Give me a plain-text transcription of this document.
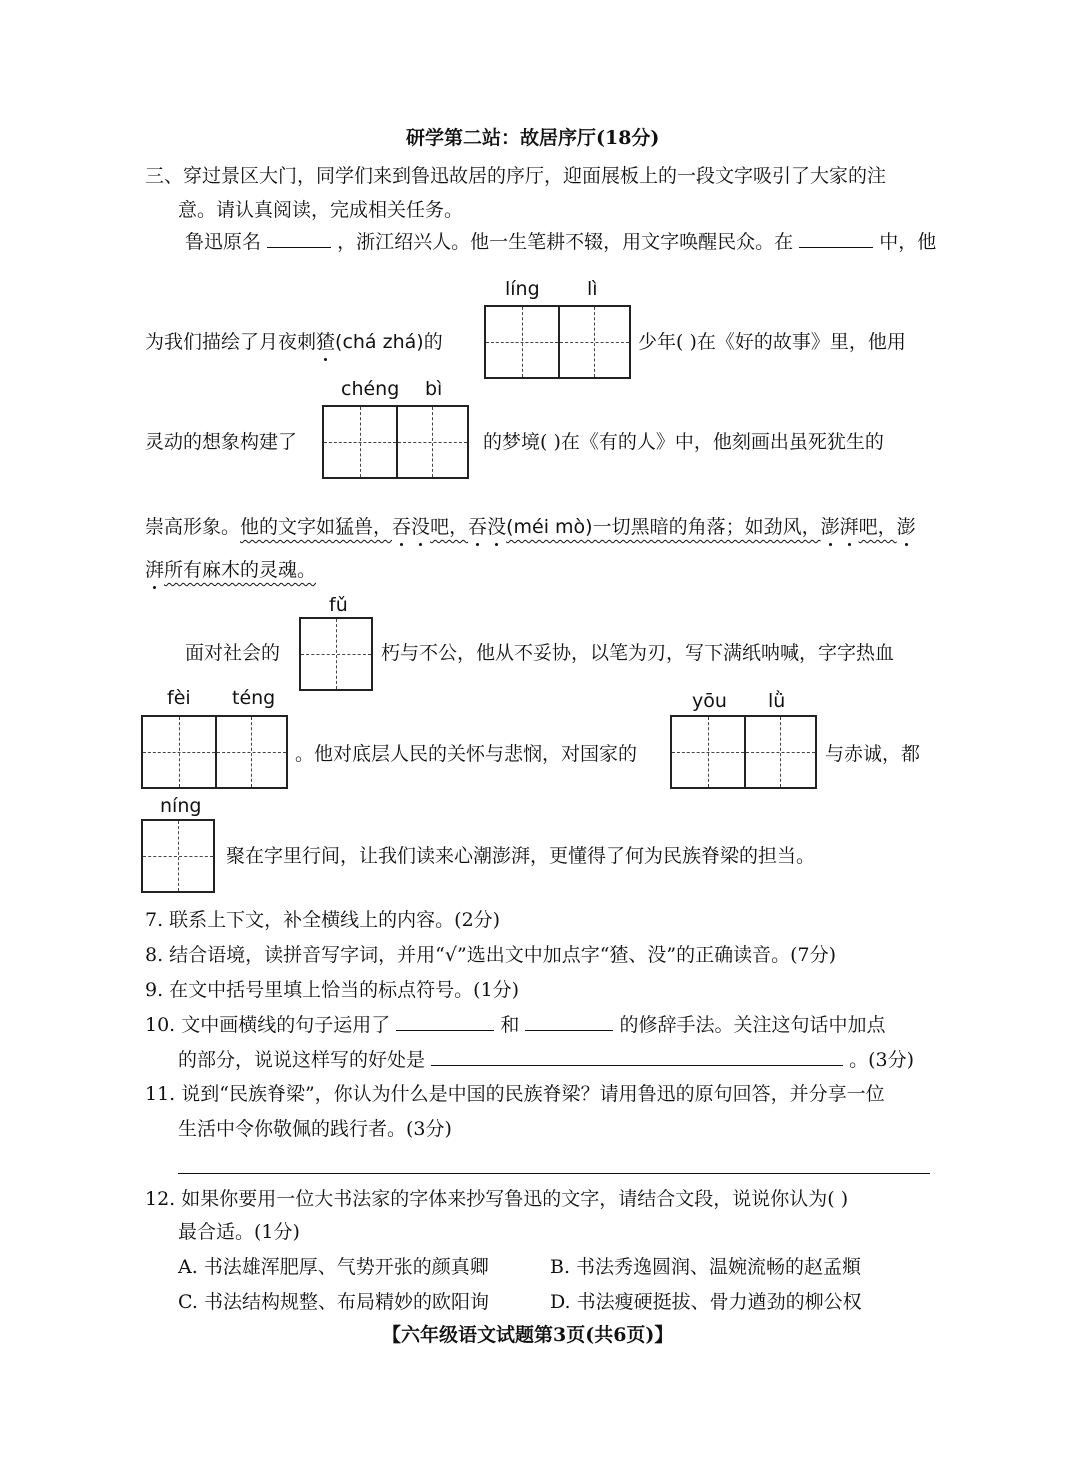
研学第二站：故居序厅(18分)
三、穿过景区大门，同学们来到鲁迅故居的序厅，迎面展板上的一段文字吸引了大家的注
意。请认真阅读，完成相关任务。
鲁迅原名	，浙江绍兴人。他一生笔耕不辍，用文字唤醒民众。在	中，他
líng lì
为我们描绘了月夜刺猹(chá zhá)的	少年( )在《好的故事》里，他用
chéng bì
灵动的想象构建了	的梦境( )在《有的人》中，他刻画出虽死犹生的
崇高形象。他的文字如猛兽，吞没吧，吞没(méi mò)一切黑暗的角落；如劲风，澎湃吧，澎
湃所有麻木的灵魂。
fǔ
面对社会的	朽与不公，他从不妥协，以笔为刃，写下满纸呐喊，字字热血
fèi téng
。他对底层人民的关怀与悲悯，对国家的
yōu lǜ
与赤诚，都
níng
聚在字里行间，让我们读来心潮澎湃，更懂得了何为民族脊梁的担当。
7. 联系上下文，补全横线上的内容。(2分)
8. 结合语境，读拼音写字词，并用“√”选出文中加点字“猹、没”的正确读音。(7分)
9. 在文中括号里填上恰当的标点符号。(1分)
10. 文中画横线的句子运用了	和	的修辞手法。关注这句话中加点
的部分，说说这样写的好处是	。(3分)
11. 说到“民族脊梁”，你认为什么是中国的民族脊梁？请用鲁迅的原句回答，并分享一位
生活中令你敬佩的践行者。(3分)
12. 如果你要用一位大书法家的字体来抄写鲁迅的文字，请结合文段，说说你认为( )
最合适。(1分)
A. 书法雄浑肥厚、气势开张的颜真卿	B. 书法秀逸圆润、温婉流畅的赵孟頫
C. 书法结构规整、布局精妙的欧阳询	D. 书法瘦硬挺拔、骨力遒劲的柳公权
【六年级语文试题第3页(共6页)】
